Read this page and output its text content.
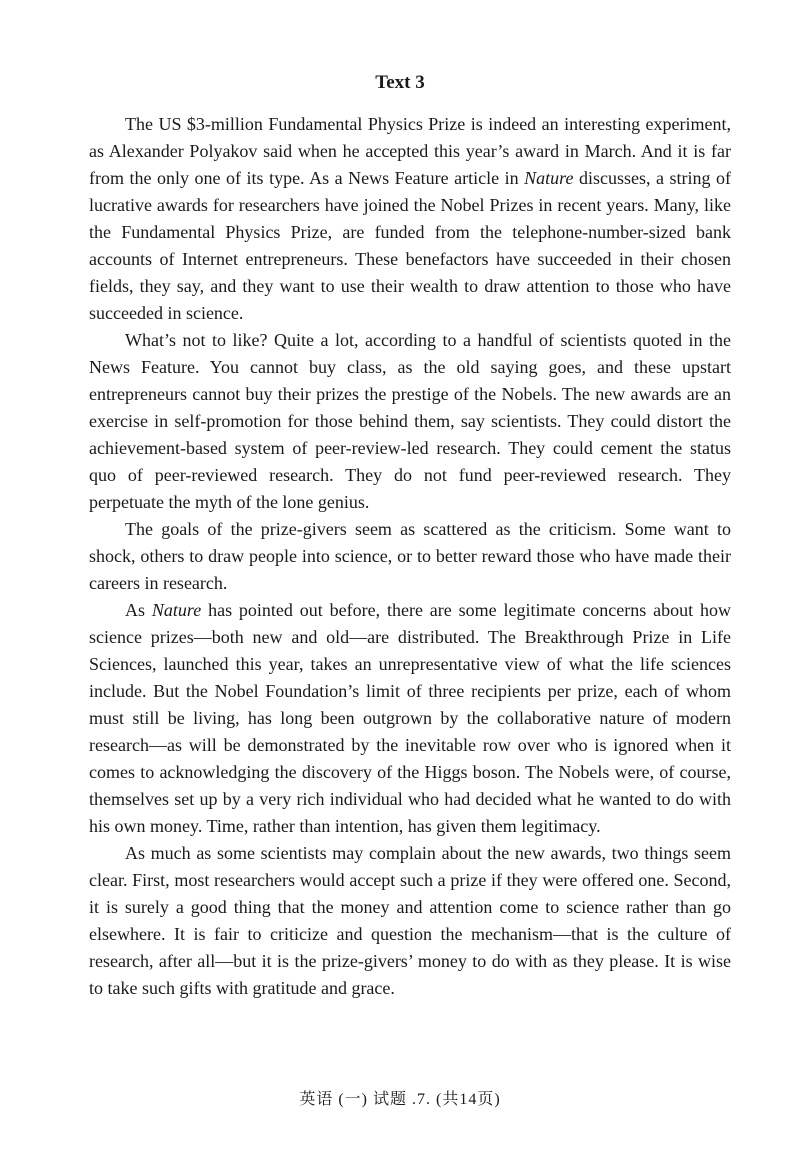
Text 3

The US $3-million Fundamental Physics Prize is indeed an interesting experiment, as Alexander Polyakov said when he accepted this year’s award in March. And it is far from the only one of its type. As a News Feature article in Nature discusses, a string of lucrative awards for researchers have joined the Nobel Prizes in recent years. Many, like the Fundamental Physics Prize, are funded from the telephone-number-sized bank accounts of Internet entrepreneurs. These benefactors have succeeded in their chosen fields, they say, and they want to use their wealth to draw attention to those who have succeeded in science.

What’s not to like? Quite a lot, according to a handful of scientists quoted in the News Feature. You cannot buy class, as the old saying goes, and these upstart entrepreneurs cannot buy their prizes the prestige of the Nobels. The new awards are an exercise in self-promotion for those behind them, say scientists. They could distort the achievement-based system of peer-review-led research. They could cement the status quo of peer-reviewed research. They do not fund peer-reviewed research. They perpetuate the myth of the lone genius.

The goals of the prize-givers seem as scattered as the criticism. Some want to shock, others to draw people into science, or to better reward those who have made their careers in research.

As Nature has pointed out before, there are some legitimate concerns about how science prizes—both new and old—are distributed. The Breakthrough Prize in Life Sciences, launched this year, takes an unrepresentative view of what the life sciences include. But the Nobel Foundation’s limit of three recipients per prize, each of whom must still be living, has long been outgrown by the collaborative nature of modern research—as will be demonstrated by the inevitable row over who is ignored when it comes to acknowledging the discovery of the Higgs boson. The Nobels were, of course, themselves set up by a very rich individual who had decided what he wanted to do with his own money. Time, rather than intention, has given them legitimacy.

As much as some scientists may complain about the new awards, two things seem clear. First, most researchers would accept such a prize if they were offered one. Second, it is surely a good thing that the money and attention come to science rather than go elsewhere. It is fair to criticize and question the mechanism—that is the culture of research, after all—but it is the prize-givers’ money to do with as they please. It is wise to take such gifts with gratitude and grace.

英语 (一) 试题 .7. (共14页)
